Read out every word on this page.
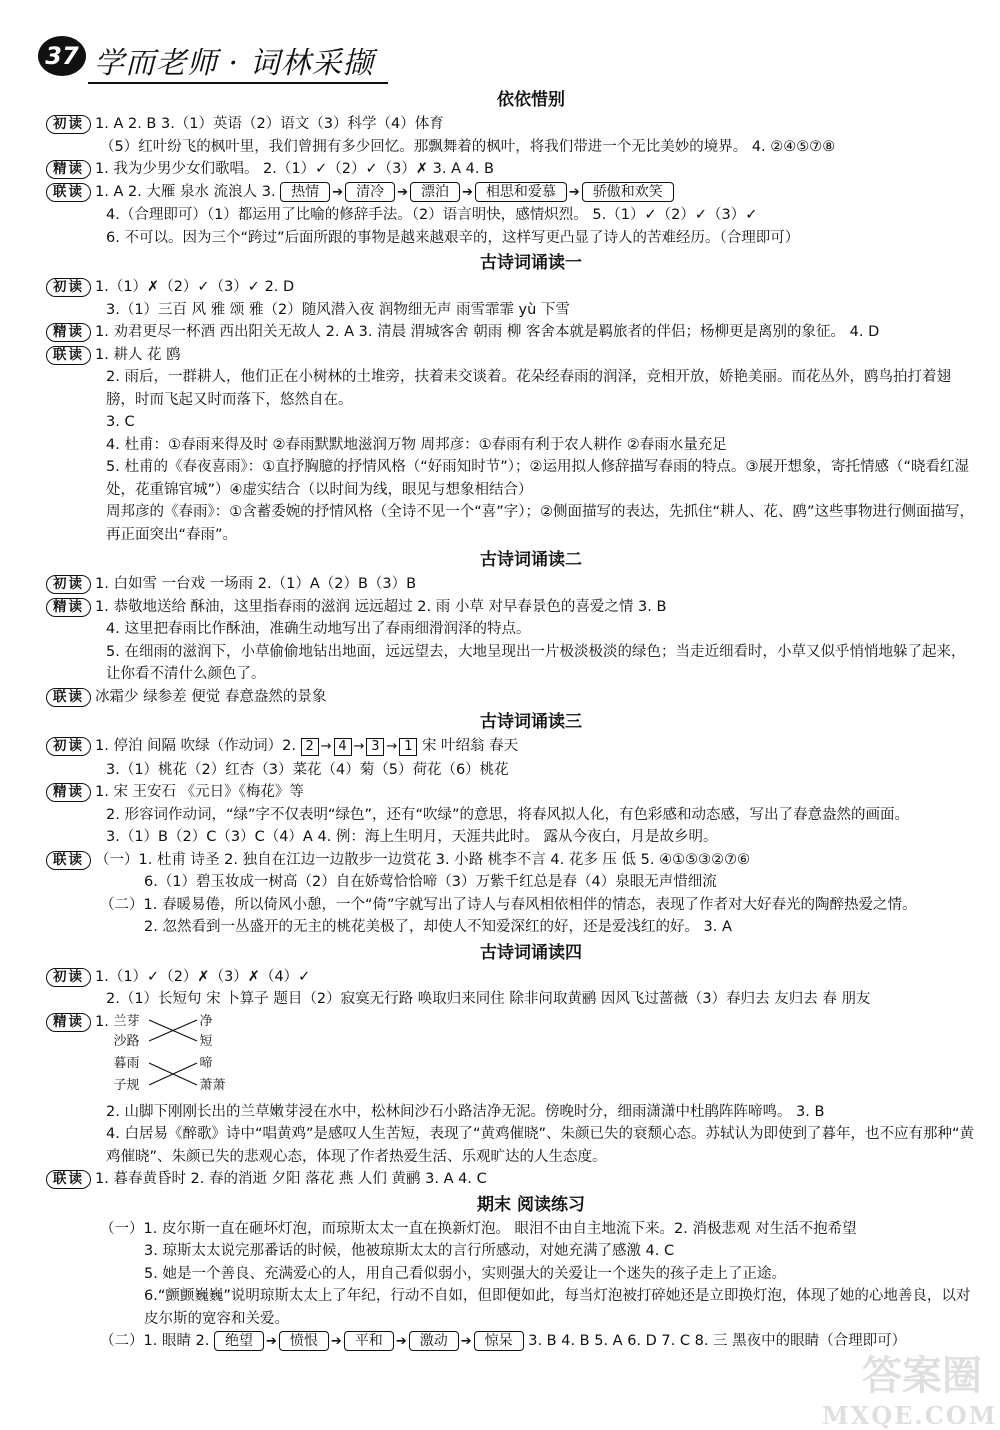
37 学而老师 · 词林采撷
依依惜别
初读 1. A 2. B 3.（1）英语（2）语文（3）科学（4）体育
（5）红叶纷飞的枫叶里，我们曾拥有多少回忆。那飘舞着的枫叶，将我们带进一个无比美妙的境界。 4. ②④⑤⑦⑧
精读 1. 我为少男少女们歌唱。 2.（1）✓（2）✓（3）✗ 3. A 4. B
联读 1. A 2. 大雁 泉水 流浪人 3. 热情 ➔ 清冷 ➔ 漂泊 ➔ 相思和爱慕 ➔ 骄傲和欢笑
4.（合理即可）（1）都运用了比喻的修辞手法。（2）语言明快，感情炽烈。 5.（1）✓（2）✓（3）✓
6. 不可以。因为三个“跨过”后面所跟的事物是越来越艰辛的，这样写更凸显了诗人的苦难经历。（合理即可）
古诗词诵读一
初读 1.（1）✗（2）✓（3）✓ 2. D
3.（1）三百 风 雅 颂 雅（2）随风潜入夜 润物细无声 雨雪霏霏 yù 下雪
精读 1. 劝君更尽一杯酒 西出阳关无故人 2. A 3. 清晨 渭城客舍 朝雨 柳 客舍本就是羁旅者的伴侣；杨柳更是离别的象征。 4. D
联读 1. 耕人 花 鸥
2. 雨后，一群耕人，他们正在小树林的土堆旁，扶着耒交谈着。花朵经春雨的润泽，竞相开放，娇艳美丽。而花丛外，鸥鸟拍打着翅膀，时而飞起又时而落下，悠然自在。
3. C
4. 杜甫：①春雨来得及时 ②春雨默默地滋润万物 周邦彦：①春雨有利于农人耕作 ②春雨水量充足
5. 杜甫的《春夜喜雨》：①直抒胸臆的抒情风格（“好雨知时节”）；②运用拟人修辞描写春雨的特点。③展开想象，寄托情感（“晓看红湿处，花重锦官城”）④虚实结合（以时间为线，眼见与想象相结合）
周邦彦的《春雨》：①含蓄委婉的抒情风格（全诗不见一个“喜”字）；②侧面描写的表达，先抓住“耕人、花、鸥”这些事物进行侧面描写，再正面突出“春雨”。
古诗词诵读二
初读 1. 白如雪 一台戏 一场雨 2.（1）A（2）B（3）B
精读 1. 恭敬地送给 酥油，这里指春雨的滋润 远远超过 2. 雨 小草 对早春景色的喜爱之情 3. B
4. 这里把春雨比作酥油，准确生动地写出了春雨细滑润泽的特点。
5. 在细雨的滋润下，小草偷偷地钻出地面，远远望去，大地呈现出一片极淡极淡的绿色；当走近细看时，小草又似乎悄悄地躲了起来，让你看不清什么颜色了。
联读 冰霜少 绿参差 便觉 春意盎然的景象
古诗词诵读三
初读 1. 停泊 间隔 吹绿（作动词）2. 2 → 4 → 3 → 1 宋 叶绍翁 春天
3.（1）桃花（2）红杏（3）菜花（4）菊（5）荷花（6）桃花
精读 1. 宋 王安石 《元日》《梅花》等
2. 形容词作动词，“绿”字不仅表明“绿色”，还有“吹绿”的意思，将春风拟人化，有色彩感和动态感，写出了春意盎然的画面。
3.（1）B（2）C（3）C（4）A 4. 例：海上生明月，天涯共此时。 露从今夜白，月是故乡明。
联读 （一）1. 杜甫 诗圣 2. 独自在江边一边散步一边赏花 3. 小路 桃李不言 4. 花多 压 低 5. ④①⑤③②⑦⑥
6.（1）碧玉妆成一树高（2）自在娇莺恰恰啼（3）万紫千红总是春（4）泉眼无声惜细流
（二）1. 春暖易倦，所以倚风小憩，一个“倚”字就写出了诗人与春风相依相伴的情态，表现了作者对大好春光的陶醉热爱之情。
2. 忽然看到一丛盛开的无主的桃花美极了，却使人不知爱深红的好，还是爱浅红的好。 3. A
古诗词诵读四
初读 1.（1）✓（2）✗（3）✗（4）✓
2.（1）长短句 宋 卜算子 题目（2）寂寞无行路 唤取归来同住 除非问取黄鹂 因风飞过蔷薇（3）春归去 友归去 春 朋友
精读 1. 兰芽
沙路
暮雨
子规
净
短
啼
萧萧
2. 山脚下刚刚长出的兰草嫩芽浸在水中，松林间沙石小路洁净无泥。傍晚时分，细雨潇潇中杜鹃阵阵啼鸣。 3. B
4. 白居易《醉歌》诗中“唱黄鸡”是感叹人生苦短，表现了“黄鸡催晓”、朱颜已失的衰颓心态。苏轼认为即使到了暮年，也不应有那种“黄鸡催晓”、朱颜已失的悲观心态，体现了作者热爱生活、乐观旷达的人生态度。
联读 1. 暮春黄昏时 2. 春的消逝 夕阳 落花 燕 人们 黄鹂 3. A 4. C
期末 阅读练习
（一）1. 皮尔斯一直在砸坏灯泡，而琼斯太太一直在换新灯泡。 眼泪不由自主地流下来。2. 消极悲观 对生活不抱希望
3. 琼斯太太说完那番话的时候，他被琼斯太太的言行所感动，对她充满了感激 4. C
5. 她是一个善良、充满爱心的人，用自己看似弱小，实则强大的关爱让一个迷失的孩子走上了正途。
6.“颤颤巍巍”说明琼斯太太上了年纪，行动不自如，但即便如此，每当灯泡被打碎她还是立即换灯泡，体现了她的心地善良，以对皮尔斯的宽容和关爱。
（二）1. 眼睛 2. 绝望 ➔ 愤恨 ➔ 平和 ➔ 激动 ➔ 惊呆 3. B 4. B 5. A 6. D 7. C 8. 三 黑夜中的眼睛（合理即可）
答案圈
MXQE.COM
